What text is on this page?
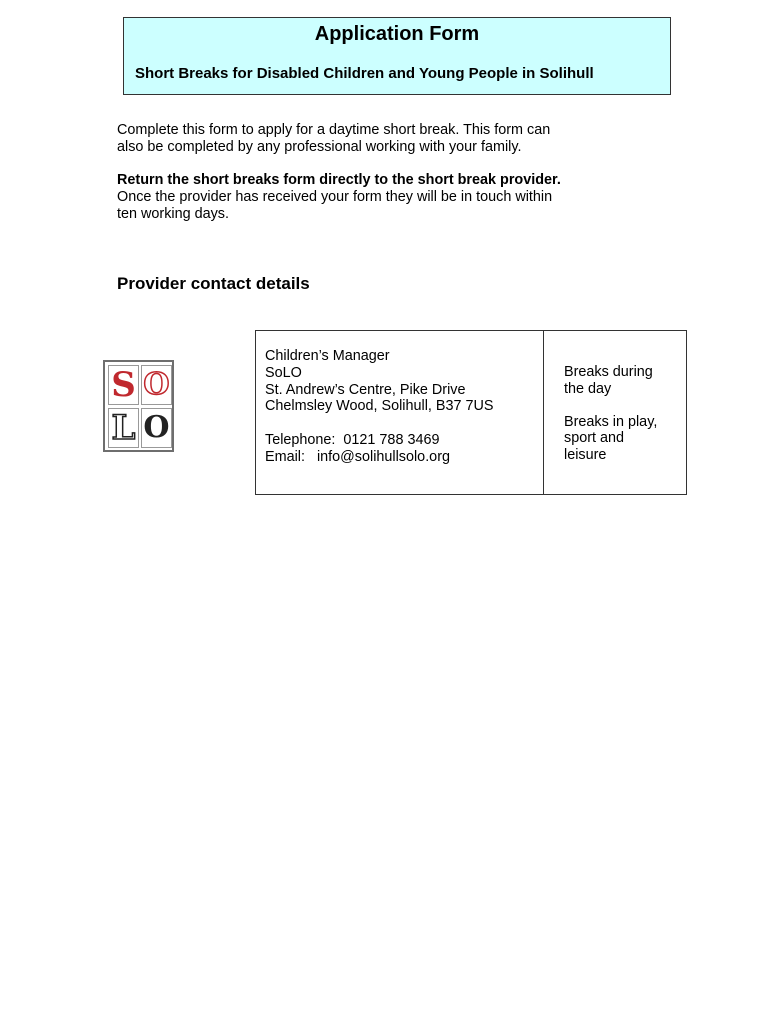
Application Form
Short Breaks for Disabled Children and Young People in Solihull

Complete this form to apply for a daytime short break. This form can also be completed by any professional working with your family.

Return the short breaks form directly to the short break provider.  Once the provider has received your form they will be in touch within ten working days.

Provider contact details
S O
L O
Children’s Manager
SoLO
St. Andrew’s Centre, Pike Drive
Chelmsley Wood, Solihull, B37 7US
Telephone: 0121 788 3469
Email: info@solihullsolo.org

Breaks during
the day
Breaks in play,
sport and
leisure
